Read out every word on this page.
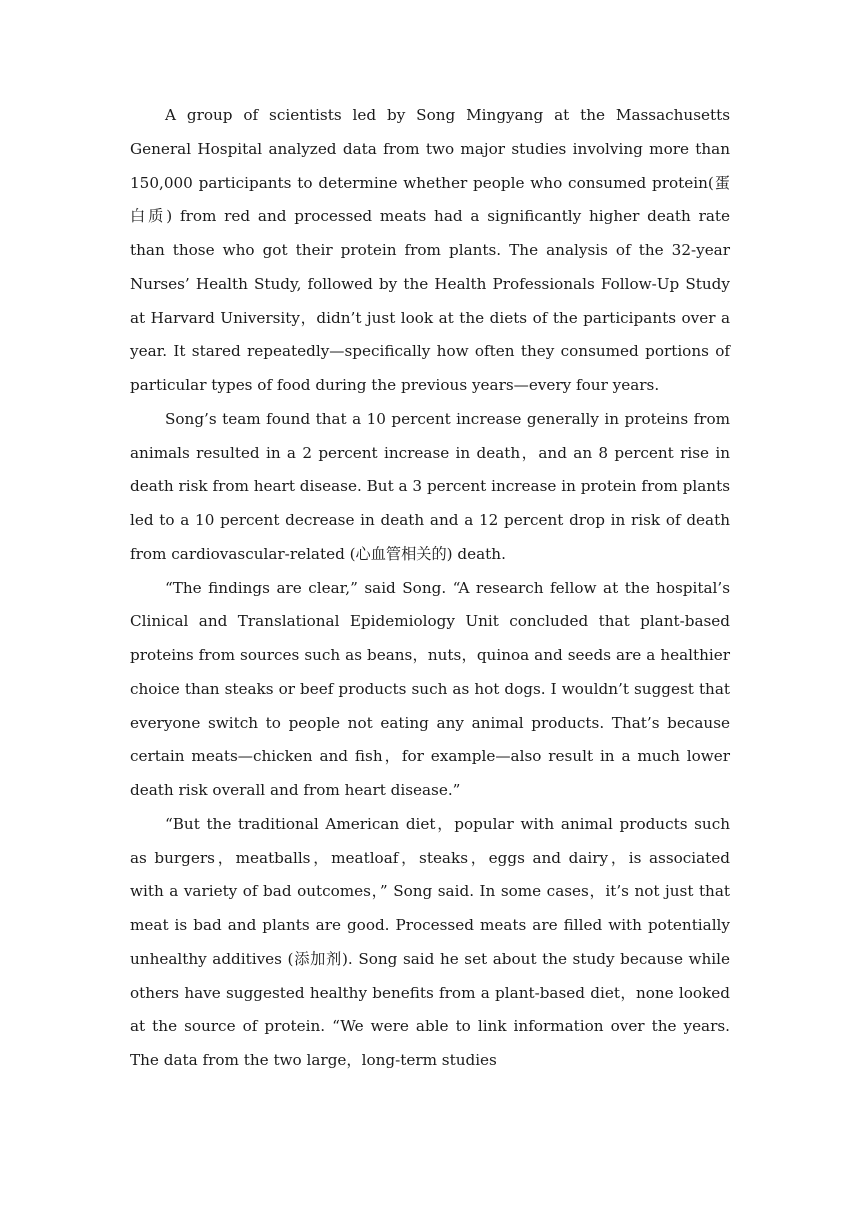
A group of scientists led by Song Mingyang at the Massachusetts General Hospital analyzed data from two major studies involving more than 150,000 participants to determine whether people who consumed protein(蛋白质) from red and processed meats had a significantly higher death rate than those who got their protein from plants. The analysis of the 32-year Nurses’ Health Study, followed by the Health Professionals Follow-Up Study at Harvard University，didn’t just look at the diets of the participants over a year. It stared repeatedly—specifically how often they consumed portions of particular types of food during the previous years—every four years.

Song’s team found that a 10 percent increase generally in proteins from animals resulted in a 2 percent increase in death，and an 8 percent rise in death risk from heart disease. But a 3 percent increase in protein from plants led to a 10 percent decrease in death and a 12 percent drop in risk of death from cardiovascular-related (心血管相关的) death.

“The findings are clear,” said Song. “A research fellow at the hospital’s Clinical and Translational Epidemiology Unit concluded that plant-based proteins from sources such as beans，nuts，quinoa and seeds are a healthier choice than steaks or beef products such as hot dogs. I wouldn’t suggest that everyone switch to people not eating any animal products. That’s because certain meats—chicken and fish，for example—also result in a much lower death risk overall and from heart disease.”

“But the traditional American diet，popular with animal products such as burgers，meatballs，meatloaf，steaks，eggs and dairy，is associated with a variety of bad outcomes，” Song said. In some cases，it’s not just that meat is bad and plants are good. Processed meats are filled with potentially unhealthy additives (添加剂). Song said he set about the study because while others have suggested healthy benefits from a plant-based diet，none looked at the source of protein. “We were able to link information over the years. The data from the two large，long-term studies
